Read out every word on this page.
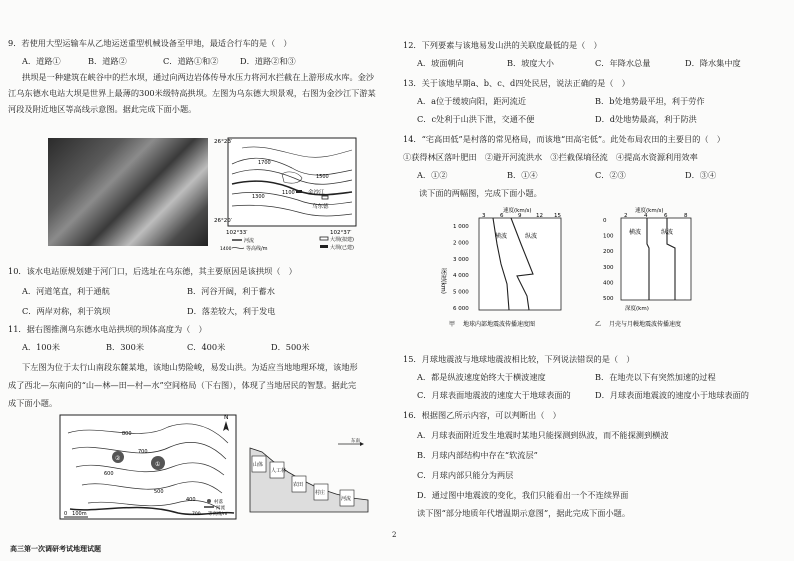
9．若使用大型运输车从乙地运送重型机械设备至甲地，最适合行车的是（　）
A．道路①	B．道路②	C．道路①和②	D．道路②和③
拱坝是一种建筑在峡谷中的拦水坝，通过向两边岩体传导水压力将河水拦截在上游形成水库。金沙
江乌东德水电站大坝是世界上最薄的300米级特高拱坝。左图为乌东德大坝景观，右图为金沙江下游某
河段及附近地区等高线示意图。据此完成下面小题。
26°23′
26°20′
102°33′	102°37′
金沙江
乌东德
1700
1300
1500
1100
河流
1400	等高线/m
大坝(拟建)
大坝(已建)
10．该水电站原规划建于河门口，后选址在乌东德，其主要原因是该拱坝（　）
A．河道笔直，利于通航	B．河谷开阔，利于蓄水
C．两岸对称，利于筑坝	D．落差较大，利于发电
11．据右图推测乌东德水电站拱坝的坝体高度为（　）
A．100米	B．300米	C．400米	D．500米
下左图为位于太行山南段东麓某地，该地山势险峻，易发山洪。为适应当地地理环境，该地形
成了西北—东南向的“山—林—田—村—水”空间格局（下右图），体现了当地居民的智慧。据此完
成下面小题。
①
②
800
700
600
500
400
N
0　100m
河流
700 等高线/m
村落
山体
人工林
农田
村庄
河流
东南
高三第一次调研考试地理试题
2
12．下列要素与该地易发山洪的关联度最低的是（　）
A．坡面朝向	B．坡度大小	C．年降水总量	D．降水集中度
13．关于该地早期a、b、c、d四处民居，说法正确的是（　）
A．a位于缓坡向阳，距河流近	B．b处地势最平坦，利于劳作
C．c处利于山洪下泄，交通不便	D．d处地势最高，利于防洪
14．“宅高田低”是村落的常见格局，而该地“田高宅低”。此处布局农田的主要目的（　）
①获得林区落叶肥田　②避开河流洪水　③拦截保墒径流　④提高水资源利用效率
A．①②	B．①④	C．②③	D．③④
读下面的两幅图，完成下面小题。
速度(km/s)
3	6	9	12 15
1 000
2 000
3 000
4 000
5 000
6 000
深度(km)
横波	纵波
甲 地球内部地震波传播速度图
速度(km/s)
2	4	6	8
0
100
200
300
400
500
横波	纵波
深度(km)
乙 月壳与月幔地震波传播速度
15．月球地震波与地球地震波相比较，下列说法错误的是（　）
A．都是纵波速度始终大于横波速度	B．在地壳以下有突然加速的过程
C．月球表面地震波的速度大于地球表面的	D．月球表面地震波的速度小于地球表面的
16．根据图乙所示内容，可以判断出（　）
A．月球表面附近发生地震时某地只能探测到纵波，而不能探测到横波
B．月球内部结构中存在“软流层”
C．月球内部只能分为两层
D．通过图中地震波的变化，我们只能看出一个不连续界面
读下图“部分地质年代增温期示意图”，据此完成下面小题。
